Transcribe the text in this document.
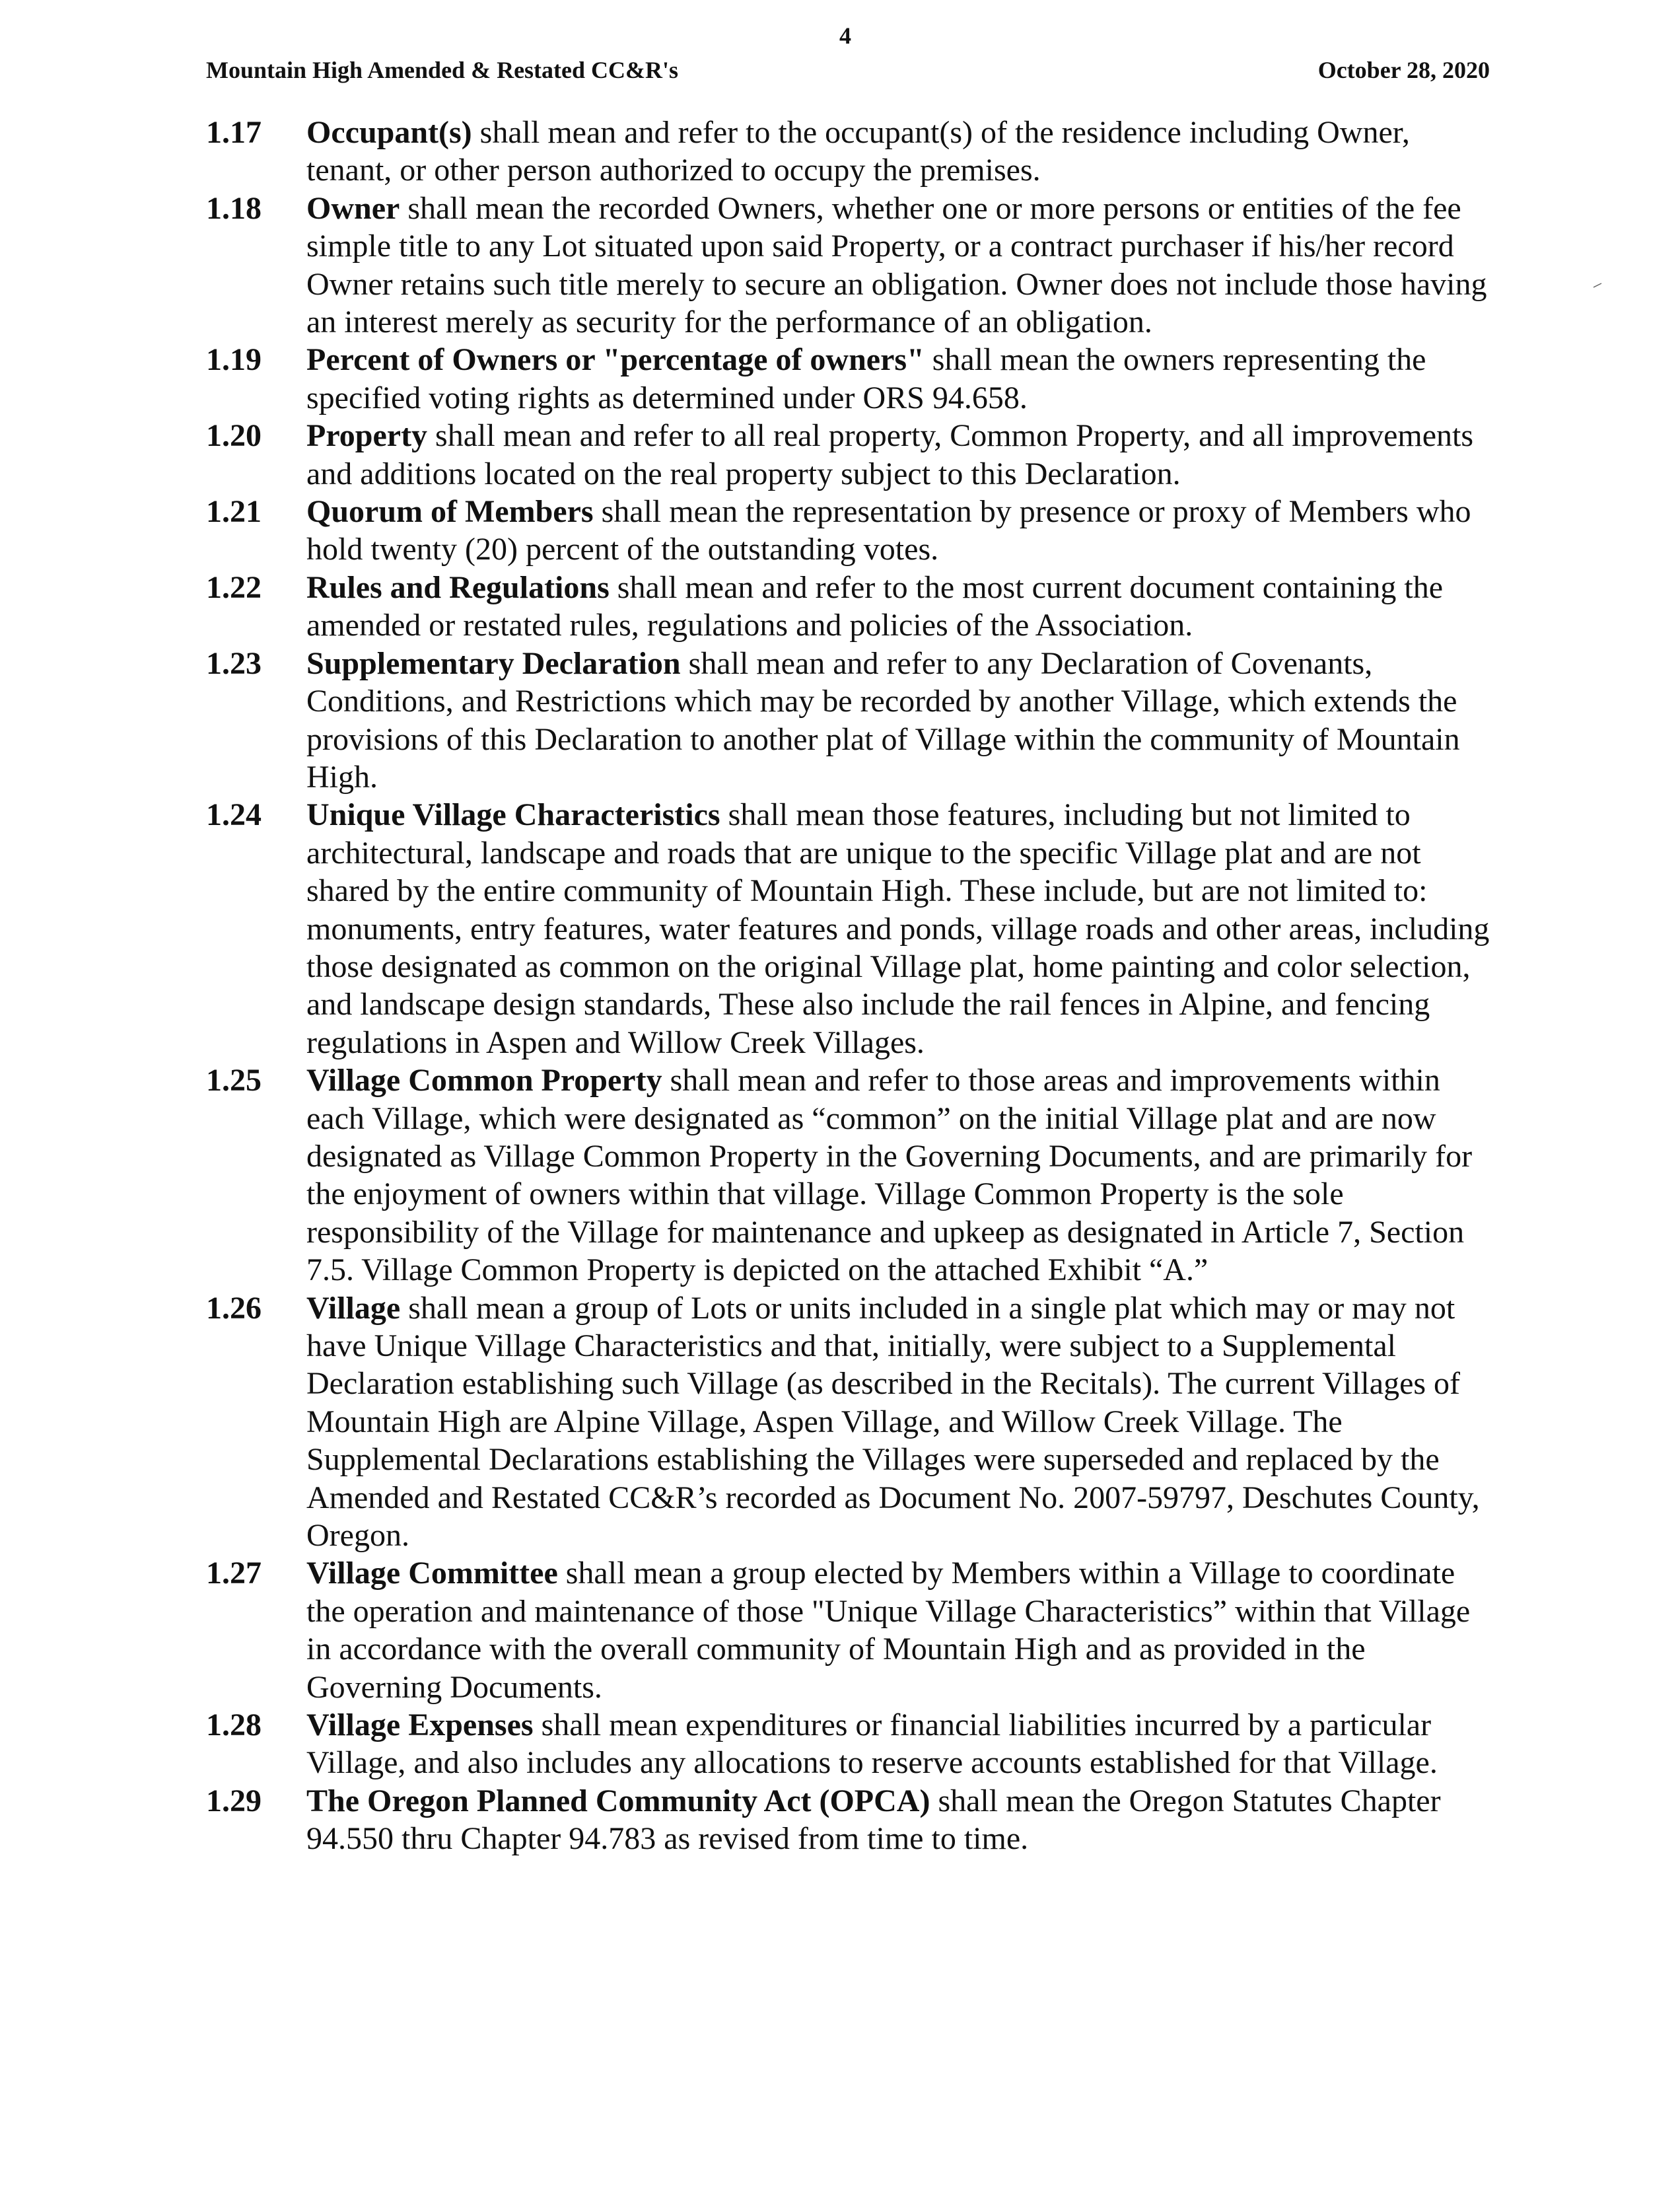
4
Mountain High Amended & Restated CC&R's	October 28, 2020
1.17 Occupant(s) shall mean and refer to the occupant(s) of the residence including Owner, tenant, or other person authorized to occupy the premises.
1.18 Owner shall mean the recorded Owners, whether one or more persons or entities of the fee simple title to any Lot situated upon said Property, or a contract purchaser if his/her record Owner retains such title merely to secure an obligation. Owner does not include those having an interest merely as security for the performance of an obligation.
1.19 Percent of Owners or "percentage of owners" shall mean the owners representing the specified voting rights as determined under ORS 94.658.
1.20 Property shall mean and refer to all real property, Common Property, and all improvements and additions located on the real property subject to this Declaration.
1.21 Quorum of Members shall mean the representation by presence or proxy of Members who hold twenty (20) percent of the outstanding votes.
1.22 Rules and Regulations shall mean and refer to the most current document containing the amended or restated rules, regulations and policies of the Association.
1.23 Supplementary Declaration shall mean and refer to any Declaration of Covenants, Conditions, and Restrictions which may be recorded by another Village, which extends the provisions of this Declaration to another plat of Village within the community of Mountain High.
1.24 Unique Village Characteristics shall mean those features, including but not limited to architectural, landscape and roads that are unique to the specific Village plat and are not shared by the entire community of Mountain High. These include, but are not limited to: monuments, entry features, water features and ponds, village roads and other areas, including those designated as common on the original Village plat, home painting and color selection, and landscape design standards, These also include the rail fences in Alpine, and fencing regulations in Aspen and Willow Creek Villages.
1.25 Village Common Property shall mean and refer to those areas and improvements within each Village, which were designated as “common” on the initial Village plat and are now designated as Village Common Property in the Governing Documents, and are primarily for the enjoyment of owners within that village. Village Common Property is the sole responsibility of the Village for maintenance and upkeep as designated in Article 7, Section 7.5. Village Common Property is depicted on the attached Exhibit “A.”
1.26 Village shall mean a group of Lots or units included in a single plat which may or may not have Unique Village Characteristics and that, initially, were subject to a Supplemental Declaration establishing such Village (as described in the Recitals). The current Villages of Mountain High are Alpine Village, Aspen Village, and Willow Creek Village. The Supplemental Declarations establishing the Villages were superseded and replaced by the Amended and Restated CC&R’s recorded as Document No. 2007-59797, Deschutes County, Oregon.
1.27 Village Committee shall mean a group elected by Members within a Village to coordinate the operation and maintenance of those "Unique Village Characteristics” within that Village in accordance with the overall community of Mountain High and as provided in the Governing Documents.
1.28 Village Expenses shall mean expenditures or financial liabilities incurred by a particular Village, and also includes any allocations to reserve accounts established for that Village.
1.29 The Oregon Planned Community Act (OPCA) shall mean the Oregon Statutes Chapter 94.550 thru Chapter 94.783 as revised from time to time.
